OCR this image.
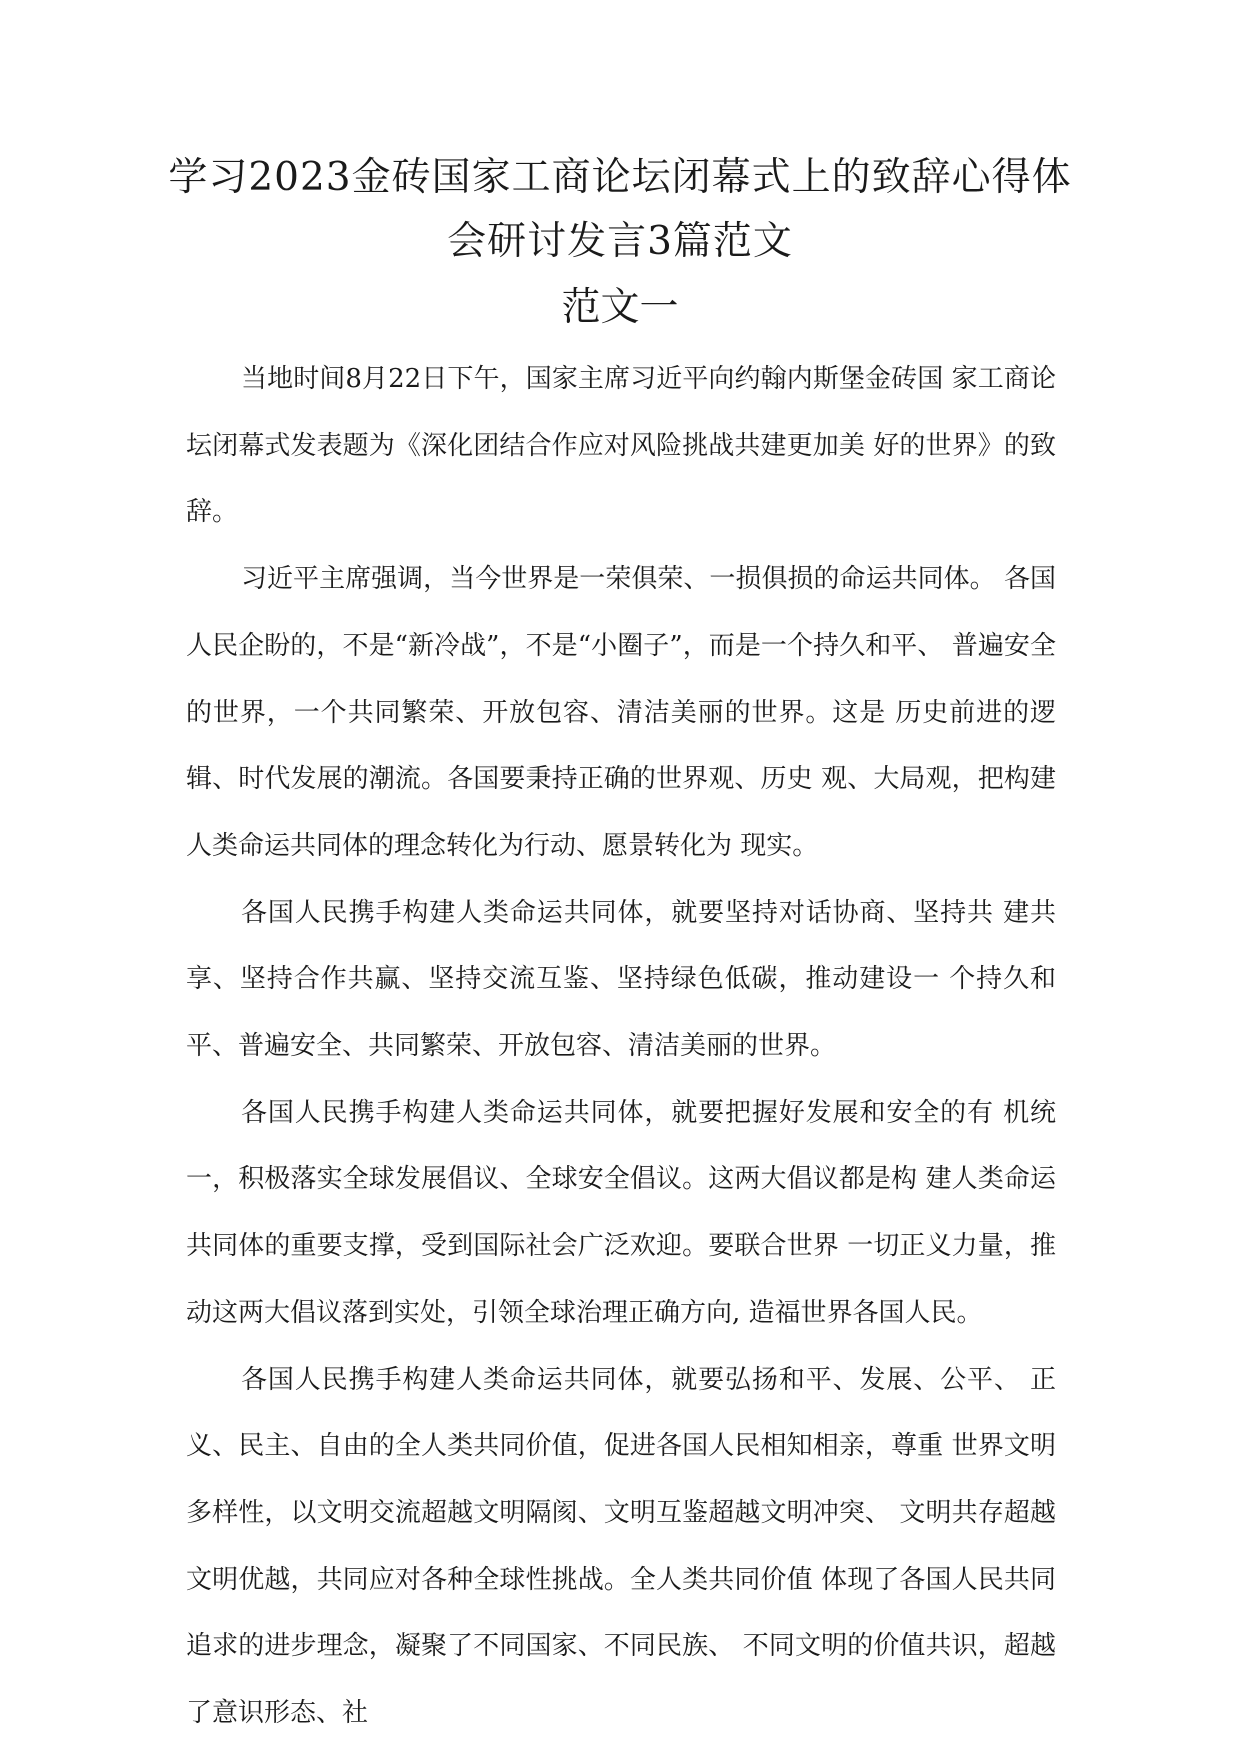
学习2023金砖国家工商论坛闭幕式上的致辞心得体
会研讨发言3篇范文
范文一

当地时间8月22日下午，国家主席习近平向约翰内斯堡金砖国 家工商论坛闭幕式发表题为《深化团结合作应对风险挑战共建更加美 好的世界》的致辞。

习近平主席强调，当今世界是一荣俱荣、一损俱损的命运共同体。 各国人民企盼的，不是“新冷战”，不是“小圈子”，而是一个持久和平、 普遍安全的世界，一个共同繁荣、开放包容、清洁美丽的世界。这是 历史前进的逻辑、时代发展的潮流。各国要秉持正确的世界观、历史 观、大局观，把构建人类命运共同体的理念转化为行动、愿景转化为 现实。

各国人民携手构建人类命运共同体，就要坚持对话协商、坚持共 建共享、坚持合作共赢、坚持交流互鉴、坚持绿色低碳，推动建设一 个持久和平、普遍安全、共同繁荣、开放包容、清洁美丽的世界。

各国人民携手构建人类命运共同体，就要把握好发展和安全的有 机统一，积极落实全球发展倡议、全球安全倡议。这两大倡议都是构 建人类命运共同体的重要支撑，受到国际社会广泛欢迎。要联合世界 一切正义力量，推动这两大倡议落到实处，引领全球治理正确方向, 造福世界各国人民。

各国人民携手构建人类命运共同体，就要弘扬和平、发展、公平、 正义、民主、自由的全人类共同价值，促进各国人民相知相亲，尊重 世界文明多样性，以文明交流超越文明隔阂、文明互鉴超越文明冲突、 文明共存超越文明优越，共同应对各种全球性挑战。全人类共同价值 体现了各国人民共同追求的进步理念，凝聚了不同国家、不同民族、 不同文明的价值共识，超越了意识形态、社
